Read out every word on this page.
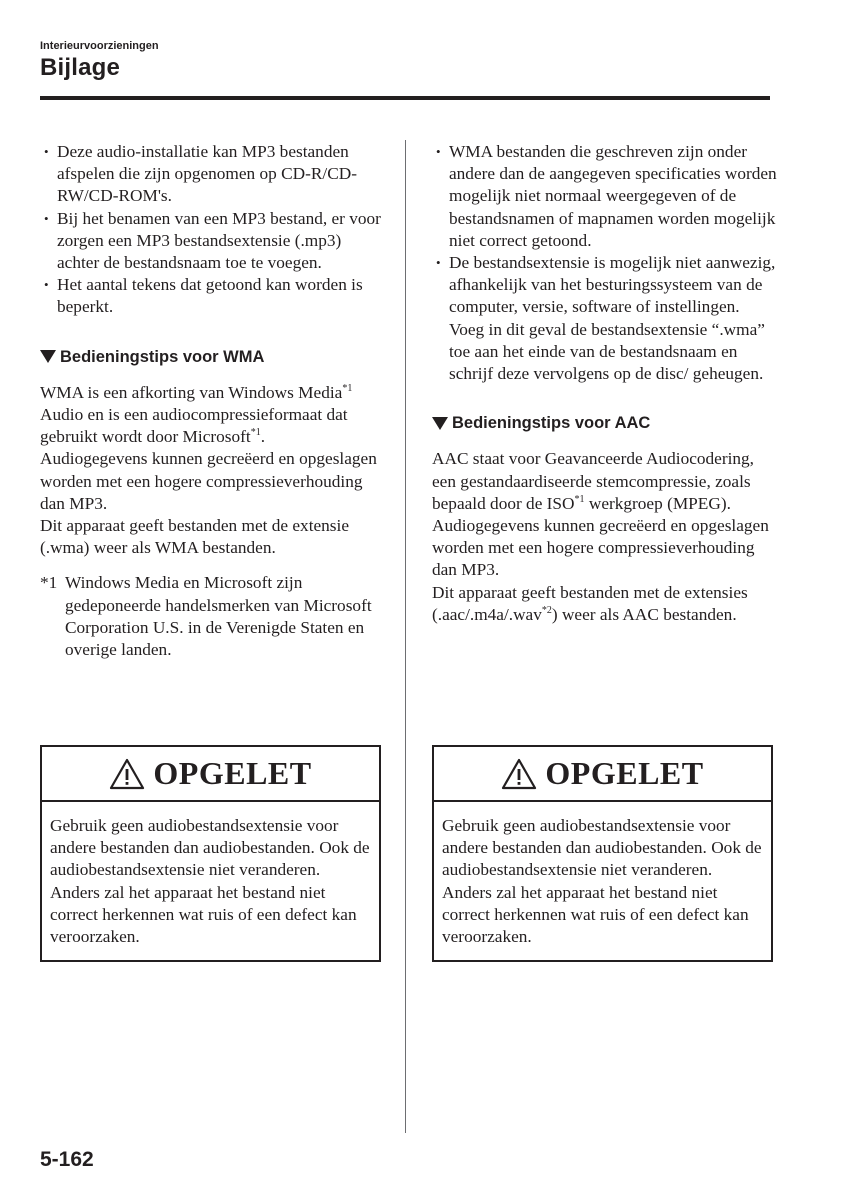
Interieurvoorzieningen
Bijlage
• Deze audio-installatie kan MP3 bestanden afspelen die zijn opgenomen op CD-R/CD-RW/CD-ROM's.
• Bij het benamen van een MP3 bestand, er voor zorgen een MP3 bestandsextensie (.mp3) achter de bestandsnaam toe te voegen.
• Het aantal tekens dat getoond kan worden is beperkt.
Bedieningstips voor WMA

WMA is een afkorting van Windows Media$^{*1}$ Audio en is een audiocompressieformaat dat gebruikt wordt door Microsoft$^{*1}$.

Audiogegevens kunnen gecreëerd en opgeslagen worden met een hogere compressieverhouding dan MP3.

Dit apparaat geeft bestanden met de extensie (.wma) weer als WMA bestanden.

*1 Windows Media en Microsoft zijn gedeponeerde handelsmerken van Microsoft Corporation U.S. in de Verenigde Staten en overige landen.
OPGELET
Gebruik geen audiobestandsextensie voor andere bestanden dan audiobestanden. Ook de audiobestandsextensie niet veranderen. Anders zal het apparaat het bestand niet correct herkennen wat ruis of een defect kan veroorzaken.
• WMA bestanden die geschreven zijn onder andere dan de aangegeven specificaties worden mogelijk niet normaal weergegeven of de bestandsnamen of mapnamen worden mogelijk niet correct getoond.
• De bestandsextensie is mogelijk niet aanwezig, afhankelijk van het besturingssysteem van de computer, versie, software of instellingen. Voeg in dit geval de bestandsextensie “.wma” toe aan het einde van de bestandsnaam en schrijf deze vervolgens op de disc/ geheugen.
Bedieningstips voor AAC

AAC staat voor Geavanceerde Audiocodering, een gestandaardiseerde stemcompressie, zoals bepaald door de ISO$^{*1}$ werkgroep (MPEG). Audiogegevens kunnen gecreëerd en opgeslagen worden met een hogere compressieverhouding dan MP3.

Dit apparaat geeft bestanden met de extensies (.aac/.m4a/.wav$^{*2}$) weer als AAC bestanden.

OPGELET
Gebruik geen audiobestandsextensie voor andere bestanden dan audiobestanden. Ook de audiobestandsextensie niet veranderen. Anders zal het apparaat het bestand niet correct herkennen wat ruis of een defect kan veroorzaken.
5-162
